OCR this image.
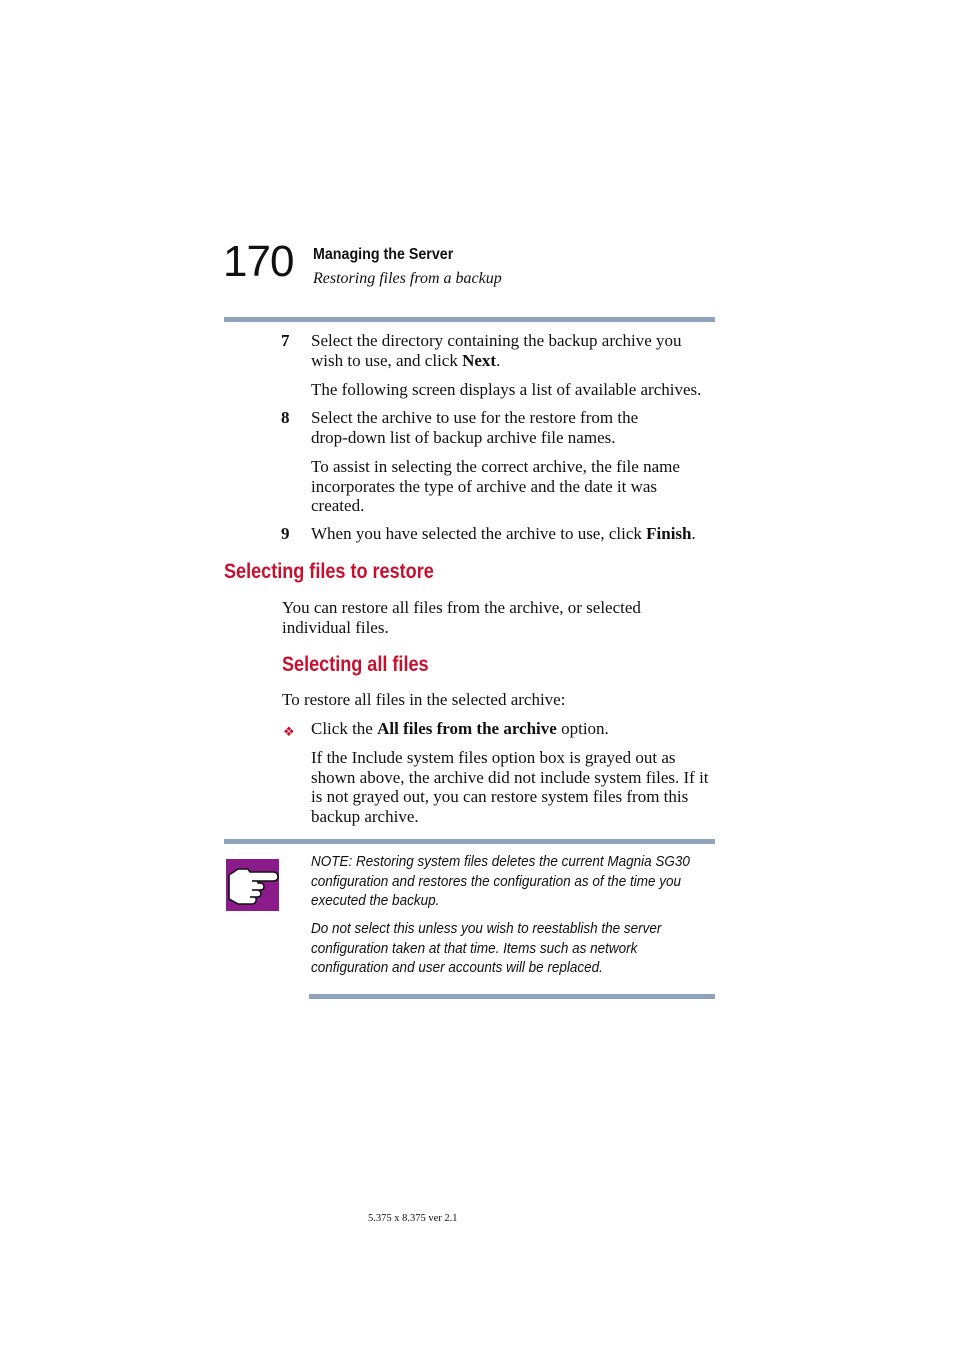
170 Managing the Server
Restoring files from a backup
7 Select the directory containing the backup archive you wish to use, and click Next.
The following screen displays a list of available archives.
8 Select the archive to use for the restore from the drop-down list of backup archive file names.
To assist in selecting the correct archive, the file name incorporates the type of archive and the date it was created.
9 When you have selected the archive to use, click Finish.
Selecting files to restore
You can restore all files from the archive, or selected individual files.
Selecting all files
To restore all files in the selected archive:
❖ Click the All files from the archive option.
If the Include system files option box is grayed out as shown above, the archive did not include system files. If it is not grayed out, you can restore system files from this backup archive.
NOTE: Restoring system files deletes the current Magnia SG30 configuration and restores the configuration as of the time you executed the backup.
Do not select this unless you wish to reestablish the server configuration taken at that time. Items such as network configuration and user accounts will be replaced.
5.375 x 8.375 ver 2.1
